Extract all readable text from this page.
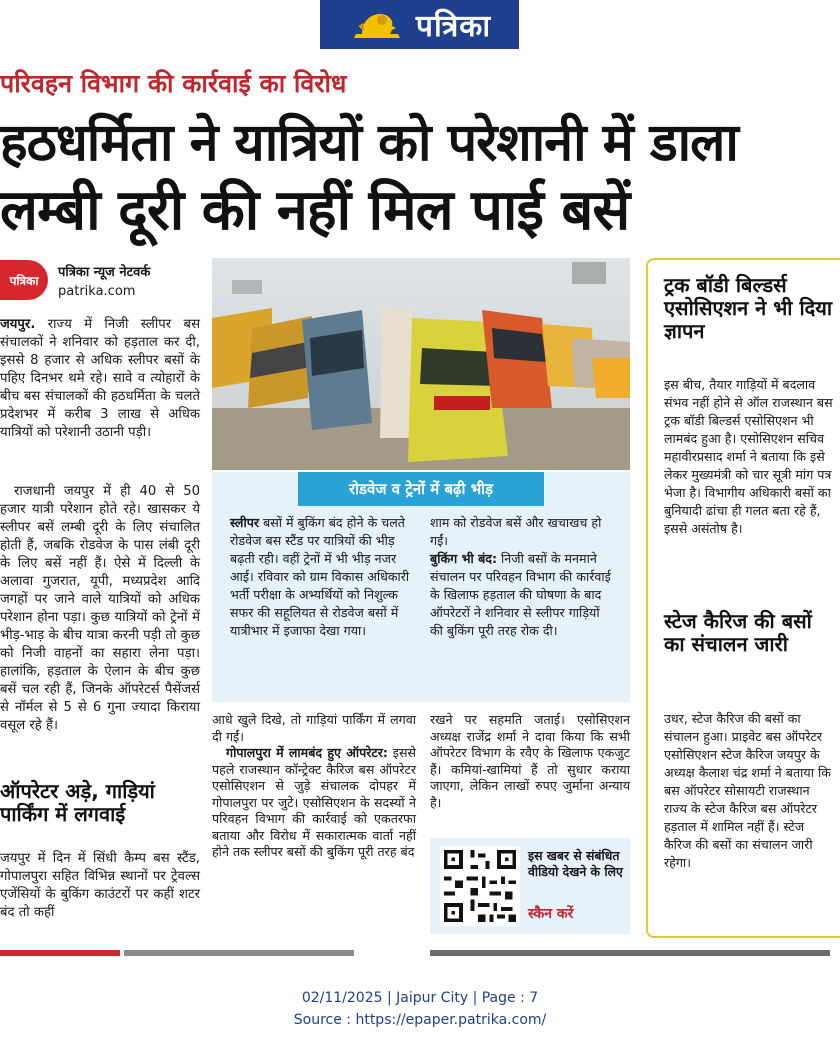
पत्रिका
परिवहन विभाग की कार्रवाई का विरोध
हठधर्मिता ने यात्रियों को परेशानी में डाला
लम्बी दूरी की नहीं मिल पाई बसें
पत्रिका
पत्रिका न्यूज नेटवर्क
patrika.com

जयपुर. राज्य में निजी स्लीपर बस संचालकों ने शनिवार को हड़ताल कर दी, इससे 8 हजार से अधिक स्लीपर बसों के पहिए दिनभर थमे रहे। सावे व त्योहारों के बीच बस संचालकों की हठधर्मिता के चलते प्रदेशभर में करीब 3 लाख से अधिक यात्रियों को परेशानी उठानी पड़ी।

राजधानी जयपुर में ही 40 से 50 हजार यात्री परेशान होते रहे। खासकर ये स्लीपर बसें लम्बी दूरी के लिए संचालित होती हैं, जबकि रोडवेज के पास लंबी दूरी के लिए बसें नहीं हैं। ऐसे में दिल्ली के अलावा गुजरात, यूपी, मध्यप्रदेश आदि जगहों पर जाने वाले यात्रियों को अधिक परेशान होना पड़ा। कुछ यात्रियों को ट्रेनों में भीड़-भाड़ के बीच यात्रा करनी पड़ी तो कुछ को निजी वाहनों का सहारा लेना पड़ा। हालांकि, हड़ताल के ऐलान के बीच कुछ बसें चल रही हैं, जिनके ऑपरेटर्स पैसेंजर्स से नॉर्मल से 5 से 6 गुना ज्यादा किराया वसूल रहे हैं।

ऑपरेटर अड़े, गाड़ियां पार्किंग में लगवाई

जयपुर में दिन में सिंधी कैम्प बस स्टैंड, गोपालपुरा सहित विभिन्न स्थानों पर ट्रेवल्स एजेंसियों के बुकिंग काउंटरों पर कहीं शटर बंद तो कहीं

रोडवेज व ट्रेनों में बढ़ी भीड़

स्लीपर बसों में बुकिंग बंद होने के चलते रोडवेज बस स्टैंड पर यात्रियों की भीड़ बढ़ती रही। वहीं ट्रेनों में भी भीड़ नजर आई। रविवार को ग्राम विकास अधिकारी भर्ती परीक्षा के अभ्यर्थियों को निशुल्क सफर की सहूलियत से रोडवेज बसों में यात्रीभार में इजाफा देखा गया।

शाम को रोडवेज बसें और खचाखच हो गईं।

बुकिंग भी बंद: निजी बसों के मनमाने संचालन पर परिवहन विभाग की कार्रवाई के खिलाफ हड़ताल की घोषणा के बाद ऑपरेटरों ने शनिवार से स्लीपर गाड़ियों की बुकिंग पूरी तरह रोक दी।

आधे खुले दिखे, तो गाड़ियां पार्किंग में लगवा दी गईं।

गोपालपुरा में लामबंद हुए ऑपरेटर: इससे पहले राजस्थान कॉन्ट्रेक्ट कैरिज बस ऑपरेटर एसोसिएशन से जुड़े संचालक दोपहर में गोपालपुरा पर जुटे। एसोसिएशन के सदस्यों ने परिवहन विभाग की कार्रवाई को एकतरफा बताया और विरोध में सकारात्मक वार्ता नहीं होने तक स्लीपर बसों की बुकिंग पूरी तरह बंद

रखने पर सहमति जताई। एसोसिएशन अध्यक्ष राजेंद्र शर्मा ने दावा किया कि सभी ऑपरेटर विभाग के रवैए के खिलाफ एकजुट हैं। कमियां-खामियां हैं तो सुधार कराया जाएगा, लेकिन लाखों रुपए जुर्माना अन्याय है।

इस खबर से संबंधित वीडियो देखने के लिए
स्कैन करें
ट्रक बॉडी बिल्डर्स एसोसिएशन ने भी दिया ज्ञापन
इस बीच, तैयार गाड़ियों में बदलाव संभव नहीं होने से ऑल राजस्थान बस ट्रक बॉडी बिल्डर्स एसोसिएशन भी लामबंद हुआ है। एसोसिएशन सचिव महावीरप्रसाद शर्मा ने बताया कि इसे लेकर मुख्यमंत्री को चार सूत्री मांग पत्र भेजा है। विभागीय अधिकारी बसों का बुनियादी ढांचा ही गलत बता रहे हैं, इससे असंतोष है।
स्टेज कैरिज की बसों का संचालन जारी
उधर, स्टेज कैरिज की बसों का संचालन हुआ। प्राइवेट बस ऑपरेटर एसोसिएशन स्टेज कैरिज जयपुर के अध्यक्ष कैलाश चंद्र शर्मा ने बताया कि बस ऑपरेटर सोसायटी राजस्थान राज्य के स्टेज कैरिज बस ऑपरेटर हड़ताल में शामिल नहीं हैं। स्टेज कैरिज की बसों का संचालन जारी रहेगा।
02/11/2025 | Jaipur City | Page : 7
Source : https://epaper.patrika.com/
